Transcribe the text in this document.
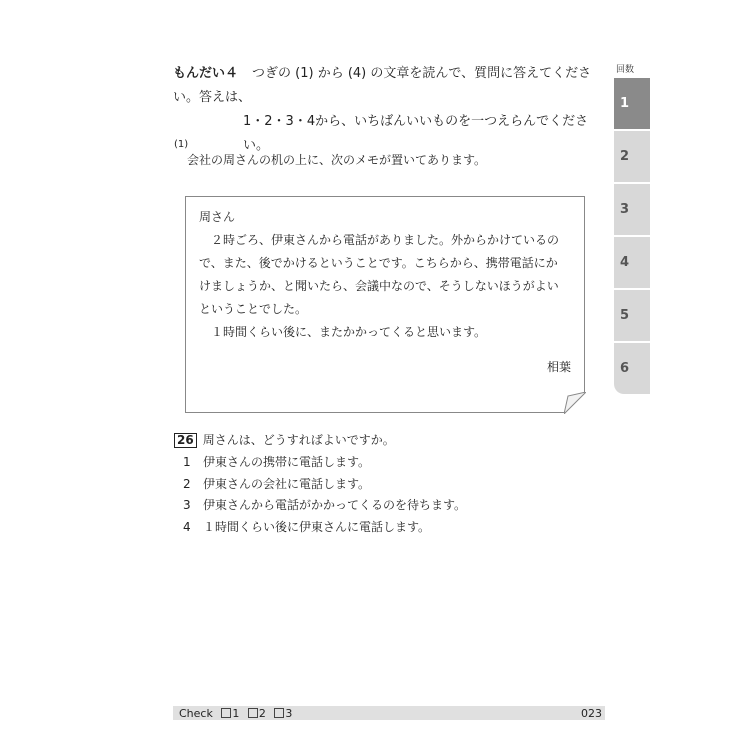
もんだい４ つぎの (1) から (4) の文章を読んで、質問に答えてください。答えは、
1・2・3・4から、いちばんいいものを一つえらんでください。
(1)
会社の周さんの机の上に、次のメモが置いてあります。

周さん

２時ごろ、伊東さんから電話がありました。外からかけているので、また、後でかけるということです。こちらから、携帯電話にかけましょうか、と聞いたら、会議中なので、そうしないほうがよいということでした。

１時間くらい後に、またかかってくると思います。

相葉
26 周さんは、どうすればよいですか。
1 伊東さんの携帯に電話します。
2 伊東さんの会社に電話します。
3 伊東さんから電話がかかってくるのを待ちます。
4 １時間くらい後に伊東さんに電話します。
回数
1
2
3
4
5
6
Check 1 2 3	023
